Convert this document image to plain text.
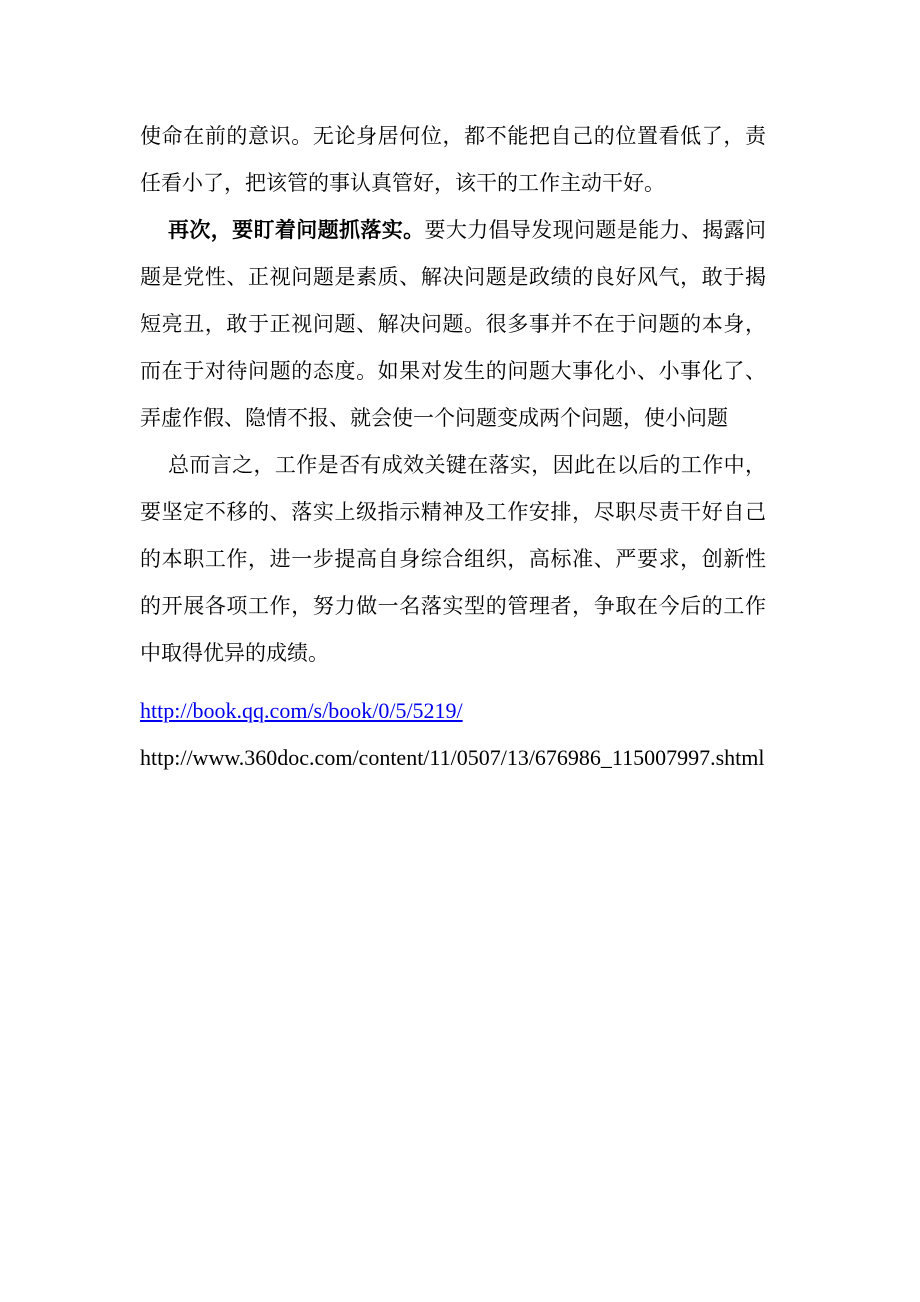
使命在前的意识。无论身居何位，都不能把自己的位置看低了，责
任看小了，把该管的事认真管好，该干的工作主动干好。
再次，要盯着问题抓落实。要大力倡导发现问题是能力、揭露问
题是党性、正视问题是素质、解决问题是政绩的良好风气，敢于揭
短亮丑，敢于正视问题、解决问题。很多事并不在于问题的本身，
而在于对待问题的态度。如果对发生的问题大事化小、小事化了、
弄虚作假、隐情不报、就会使一个问题变成两个问题，使小问题
总而言之，工作是否有成效关键在落实，因此在以后的工作中，
要坚定不移的、落实上级指示精神及工作安排，尽职尽责干好自己
的本职工作，进一步提高自身综合组织，高标准、严要求，创新性
的开展各项工作，努力做一名落实型的管理者，争取在今后的工作
中取得优异的成绩。
http://book.qq.com/s/book/0/5/5219/
http://www.360doc.com/content/11/0507/13/676986_115007997.shtml
